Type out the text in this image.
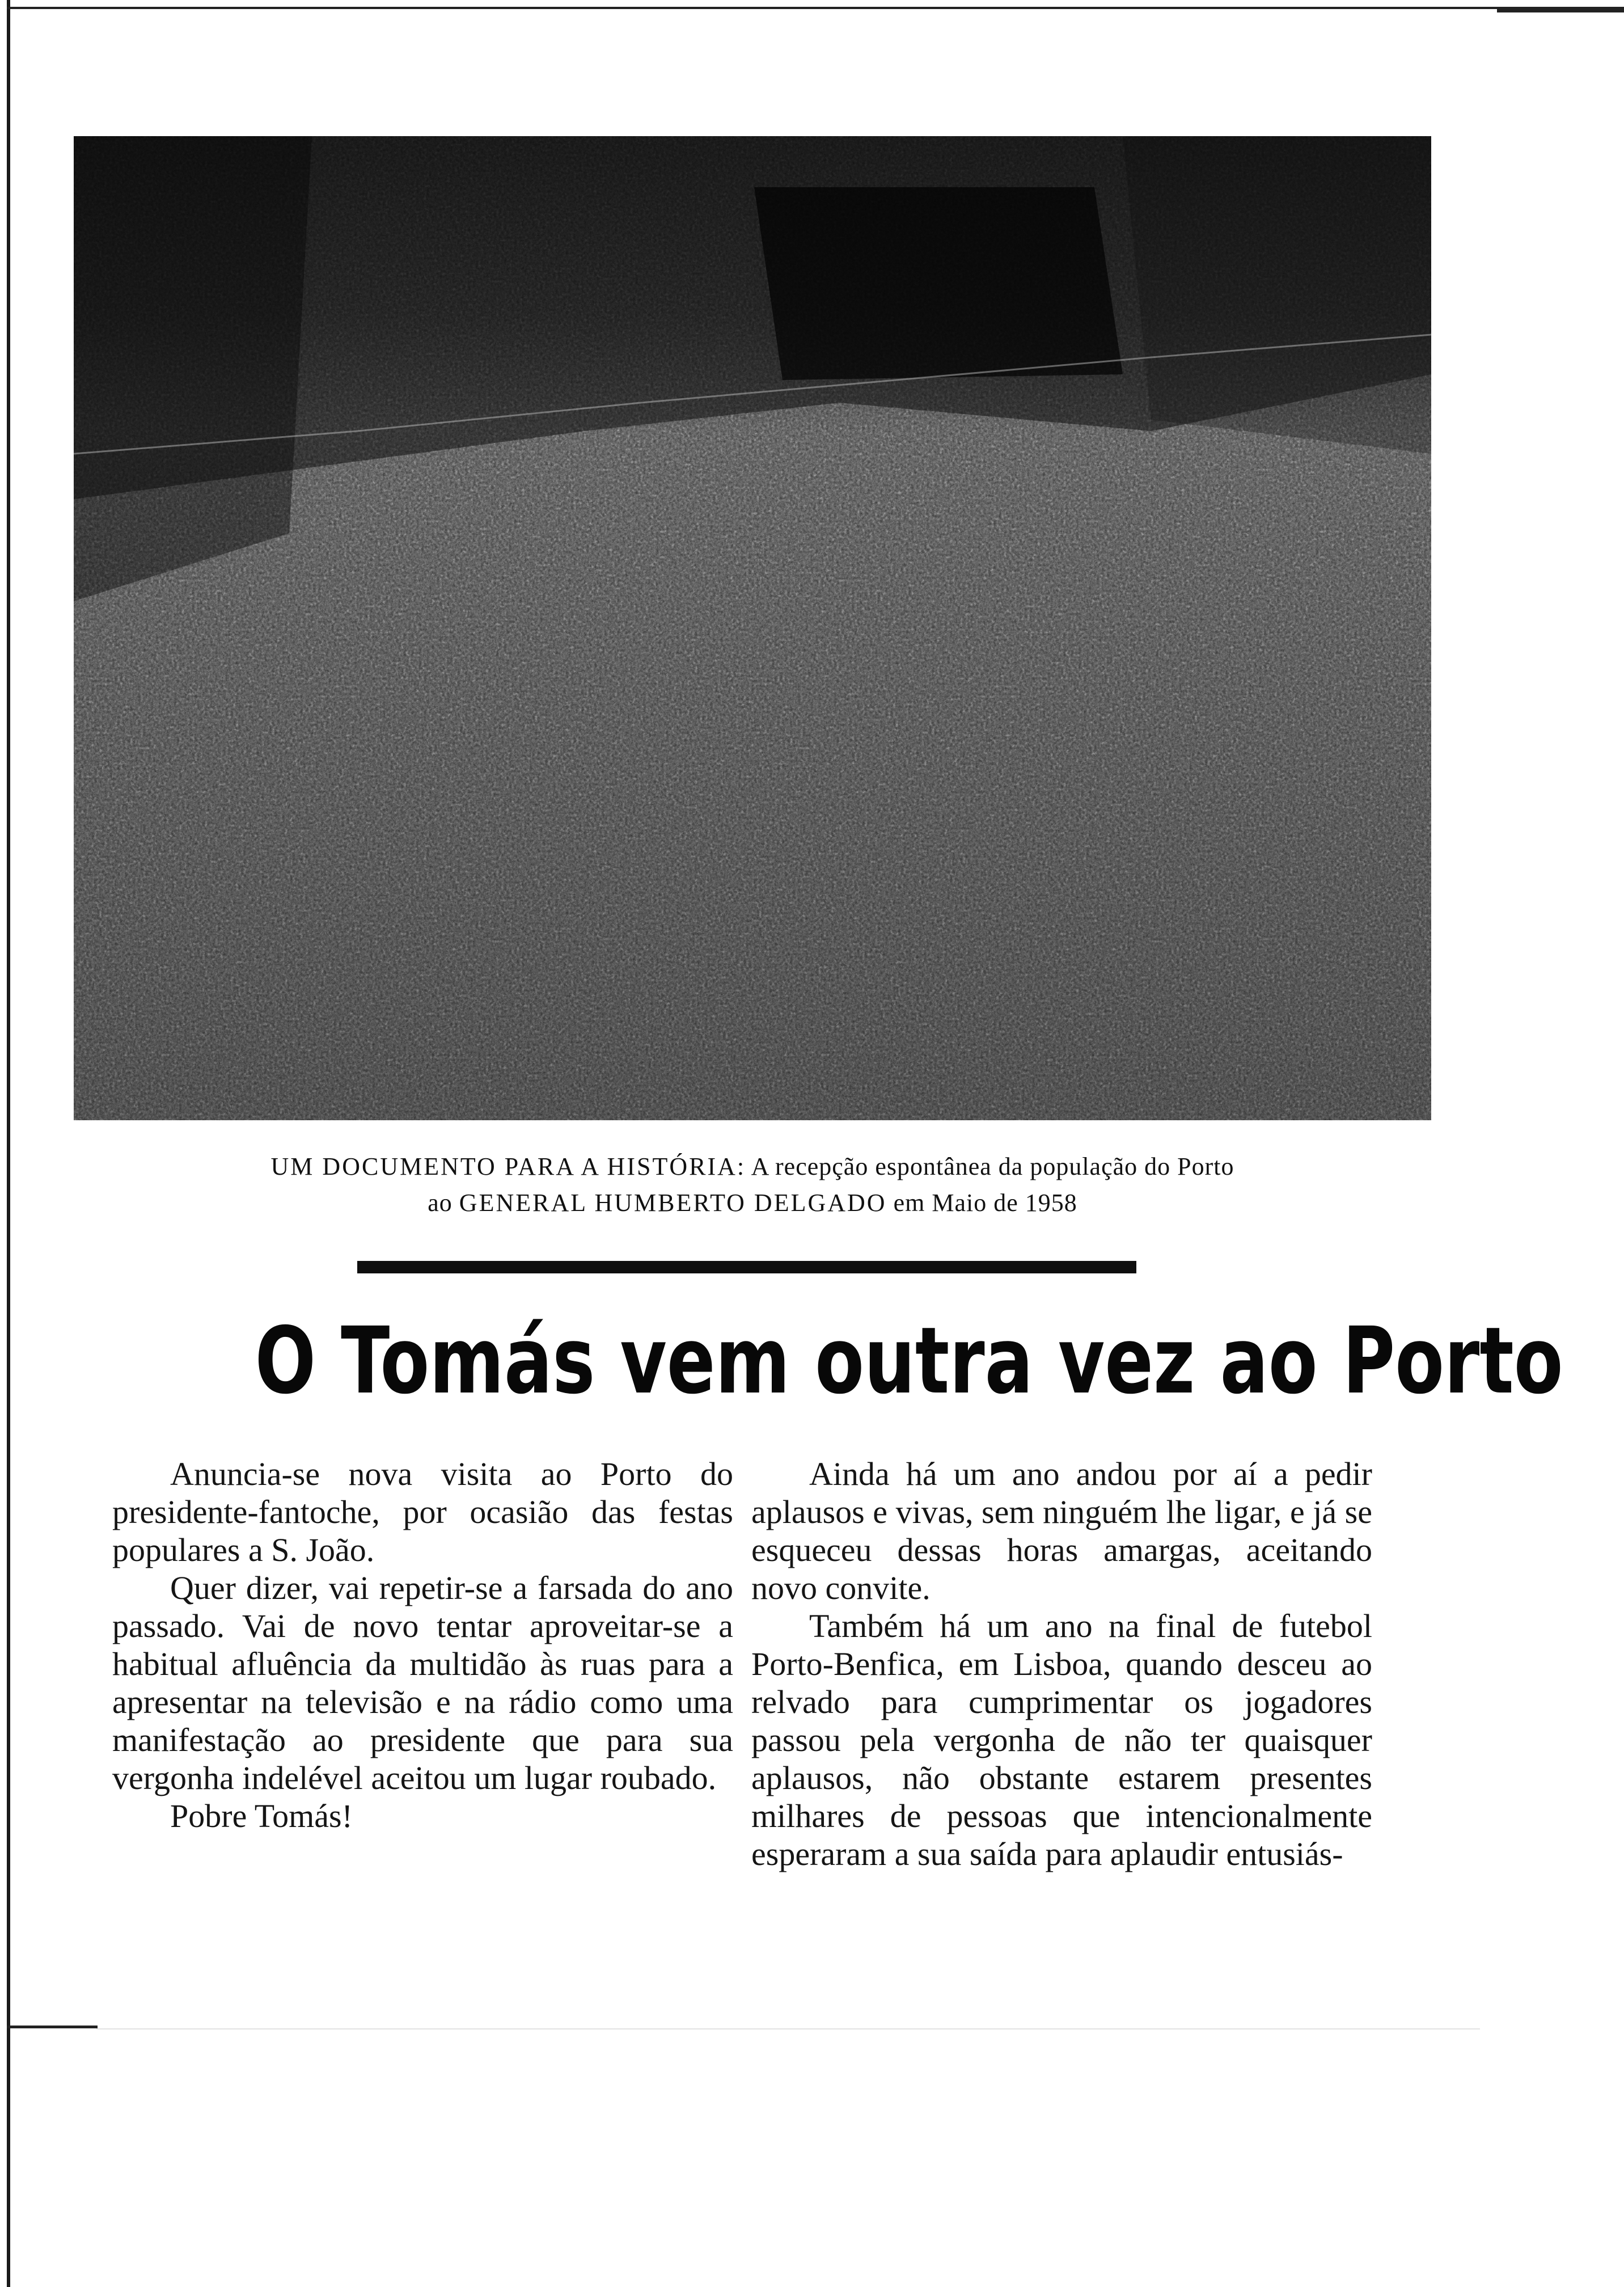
UM DOCUMENTO PARA A HISTÓRIA: A recepção espontânea da população do Porto
ao GENERAL HUMBERTO DELGADO em Maio de 1958
O Tomás vem outra vez ao Porto

Anuncia-se nova visita ao Porto do presidente-fantoche, por ocasião das festas populares a S. João.

Quer dizer, vai repetir-se a farsada do ano passado. Vai de novo tentar aproveitar-se a habitual afluência da multidão às ruas para a apresentar na televisão e na rádio como uma manifestação ao presidente que para sua vergonha indelével aceitou um lugar roubado.

Pobre Tomás!

Ainda há um ano andou por aí a pedir aplausos e vivas, sem ninguém lhe ligar, e já se esqueceu dessas horas amargas, aceitando novo convite.

Também há um ano na final de futebol Porto-Benfica, em Lisboa, quando desceu ao relvado para cumprimentar os jogadores passou pela vergonha de não ter quaisquer aplausos, não obstante estarem presentes milhares de pessoas que intencionalmente esperaram a sua saída para aplaudir entusiás-
